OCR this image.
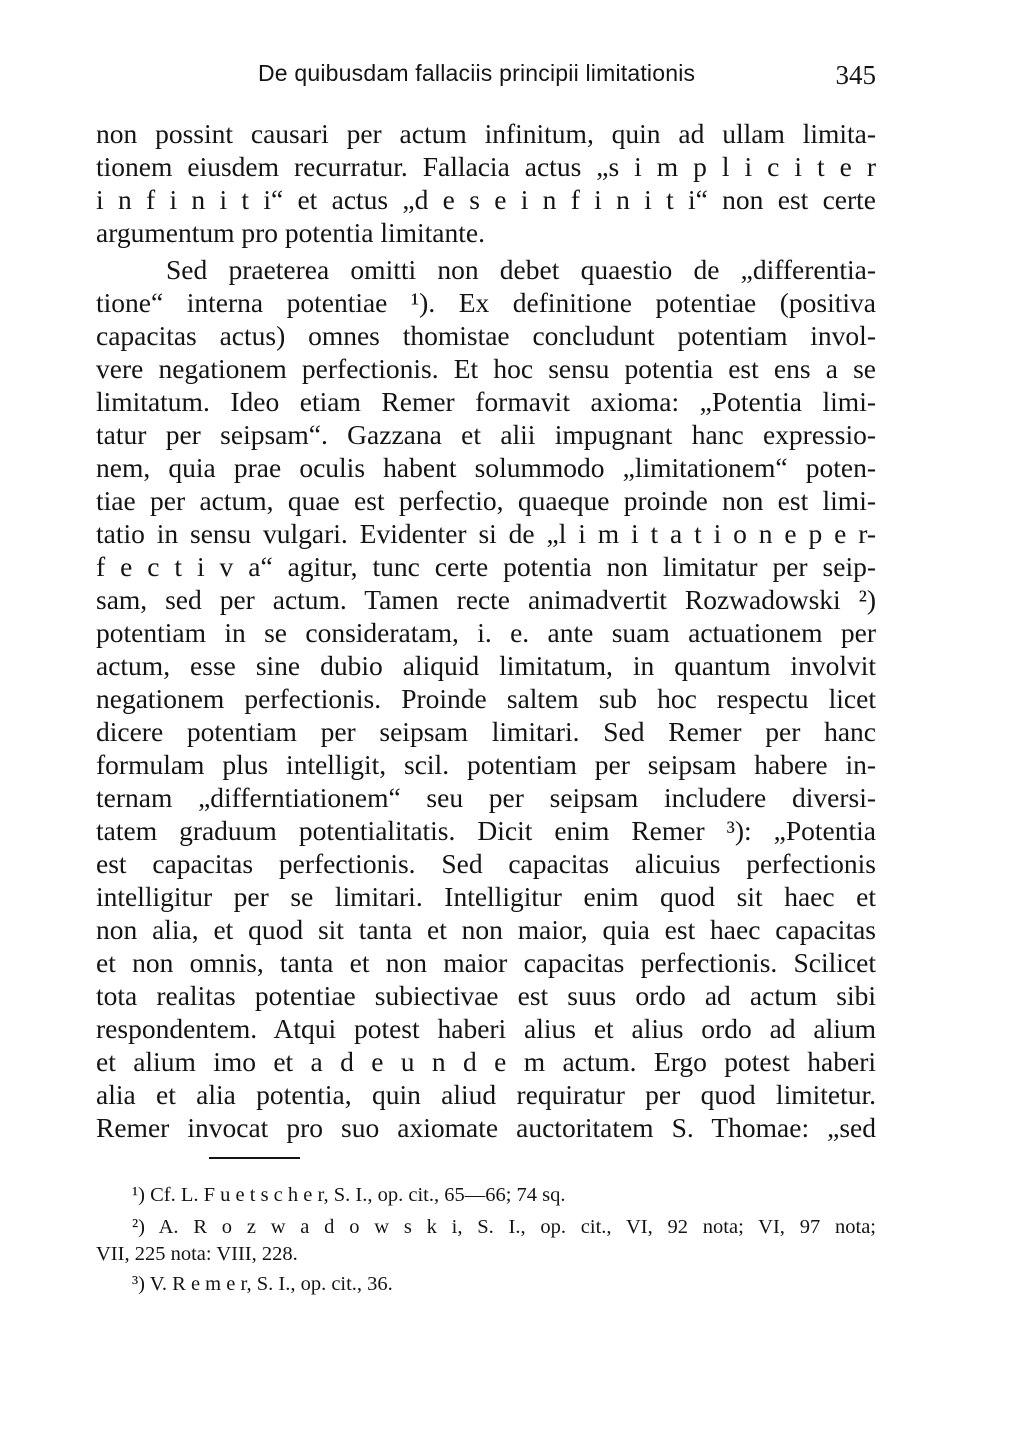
De quibusdam fallaciis principii limitationis	345
non possint causari per actum infinitum, quin ad ullam limita-
tionem eiusdem recurratur. Fallacia actus „s i m p l i c i t e r
i n f i n i t i“ et actus „d e s e i n f i n i t i“ non est certe
argumentum pro potentia limitante.
Sed praeterea omitti non debet quaestio de „differentia-
tione“ interna potentiae ¹). Ex definitione potentiae (positiva
capacitas actus) omnes thomistae concludunt potentiam invol-
vere negationem perfectionis. Et hoc sensu potentia est ens a se
limitatum. Ideo etiam Remer formavit axioma: „Potentia limi-
tatur per seipsam“. Gazzana et alii impugnant hanc expressio-
nem, quia prae oculis habent solummodo „limitationem“ poten-
tiae per actum, quae est perfectio, quaeque proinde non est limi-
tatio in sensu vulgari. Evidenter si de „l i m i t a t i o n e p e r-
f e c t i v a“ agitur, tunc certe potentia non limitatur per seip-
sam, sed per actum. Tamen recte animadvertit Rozwadowski ²)
potentiam in se consideratam, i. e. ante suam actuationem per
actum, esse sine dubio aliquid limitatum, in quantum involvit
negationem perfectionis. Proinde saltem sub hoc respectu licet
dicere potentiam per seipsam limitari. Sed Remer per hanc
formulam plus intelligit, scil. potentiam per seipsam habere in-
ternam „differntiationem“ seu per seipsam includere diversi-
tatem graduum potentialitatis. Dicit enim Remer ³): „Potentia
est capacitas perfectionis. Sed capacitas alicuius perfectionis
intelligitur per se limitari. Intelligitur enim quod sit haec et
non alia, et quod sit tanta et non maior, quia est haec capacitas
et non omnis, tanta et non maior capacitas perfectionis. Scilicet
tota realitas potentiae subiectivae est suus ordo ad actum sibi
respondentem. Atqui potest haberi alius et alius ordo ad alium
et alium imo et a d e u n d e m actum. Ergo potest haberi
alia et alia potentia, quin aliud requiratur per quod limitetur.
Remer invocat pro suo axiomate auctoritatem S. Thomae: „sed
¹) Cf. L. F u e t s c h e r, S. I., op. cit., 65—66; 74 sq.
²) A. R o z w a d o w s k i, S. I., op. cit., VI, 92 nota; VI, 97 nota;
VII, 225 nota: VIII, 228.
³) V. R e m e r, S. I., op. cit., 36.
